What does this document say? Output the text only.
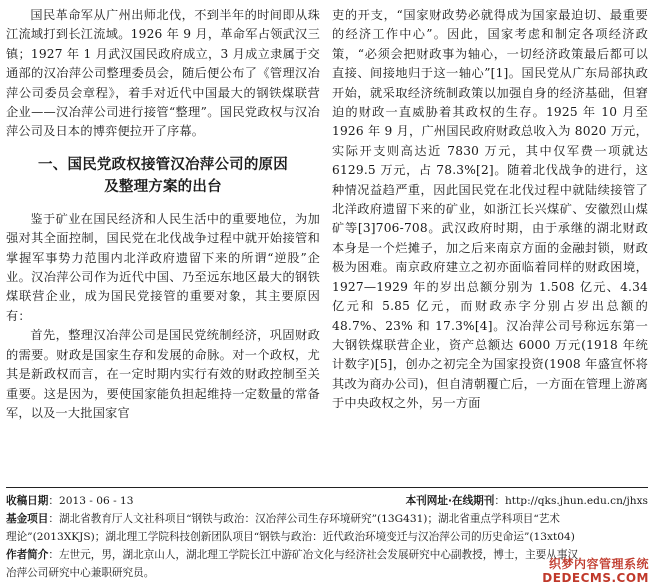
国民革命军从广州出师北伐，不到半年的时间即从珠江流域打到长江流域。1926 年 9 月，革命军占领武汉三镇；1927 年 1 月武汉国民政府成立，3 月成立隶属于交通部的汉冶萍公司整理委员会，随后便公布了《管理汉冶萍公司委员会章程》，着手对近代中国最大的钢铁煤联营企业——汉冶萍公司进行接管“整理”。国民党政权与汉冶萍公司及日本的博弈便拉开了序幕。

一、国民党政权接管汉冶萍公司的原因
及整理方案的出台

鉴于矿业在国民经济和人民生活中的重要地位，为加强对其全面控制，国民党在北伐战争过程中就开始接管和掌握军事势力范围内北洋政府遗留下来的所谓“逆股”企业。汉冶萍公司作为近代中国、乃至远东地区最大的钢铁煤联营企业，成为国民党接管的重要对象，其主要原因有：

首先，整理汉冶萍公司是国民党统制经济，巩固财政的需要。财政是国家生存和发展的命脉。对一个政权，尤其是新政权而言，在一定时期内实行有效的财政控制至关重要。这是因为，要使国家能负担起维持一定数量的常备军，以及一大批国家官

吏的开支，“国家财政势必就得成为国家最迫切、最重要的经济工作中心”。因此，国家考虑和制定各项经济政策，“必须会把财政事为轴心，一切经济政策最后都可以直接、间接地归于这一轴心”[1]。国民党从广东局部执政开始，就采取经济统制政策以加强自身的经济基础，但窘迫的财政一直威胁着其政权的生存。1925 年 10 月至 1926 年 9 月，广州国民政府财政总收入为 8020 万元，实际开支则高达近 7830 万元，其中仅军费一项就达 6129.5 万元，占 78.3%[2]。随着北伐战争的进行，这种情况益趋严重，因此国民党在北伐过程中就陆续接管了北洋政府遗留下来的矿业，如浙江长兴煤矿、安徽烈山煤矿等[3]706-708。武汉政府时期，由于承继的湖北财政本身是一个烂摊子，加之后来南京方面的金融封锁，财政极为困难。南京政府建立之初亦面临着同样的财政困境，1927—1929 年的岁出总额分别为 1.508 亿元、4.34 亿元和 5.85 亿元，而财政赤字分别占岁出总额的 48.7%、23% 和 17.3%[4]。汉冶萍公司号称远东第一大钢铁煤联营企业，资产总额达 6000 万元(1918 年统计数字)[5]，创办之初完全为国家投资(1908 年盛宣怀将其改为商办公司)，但自清朝覆亡后，一方面在管理上游离于中央政权之外，另一方面

收稿日期：2013 - 06 - 13	本刊网址·在线期刊：http://qks.jhun.edu.cn/jhxs
基金项目：湖北省教育厅人文社科项目“钢铁与政治：汉冶萍公司生存环境研究”(13G431)；湖北省重点学科项目“艺术
理论”(2013XKJS)；湖北理工学院科技创新团队项目“钢铁与政治：近代政治环境变迁与汉冶萍公司的历史命运”(13xt04)
作者简介：左世元，男，湖北京山人，湖北理工学院长江中游矿冶文化与经济社会发展研究中心副教授，博士，主要从事汉
冶萍公司研究中心兼职研究员。
织梦内容管理系统
DEDECMS.COM
